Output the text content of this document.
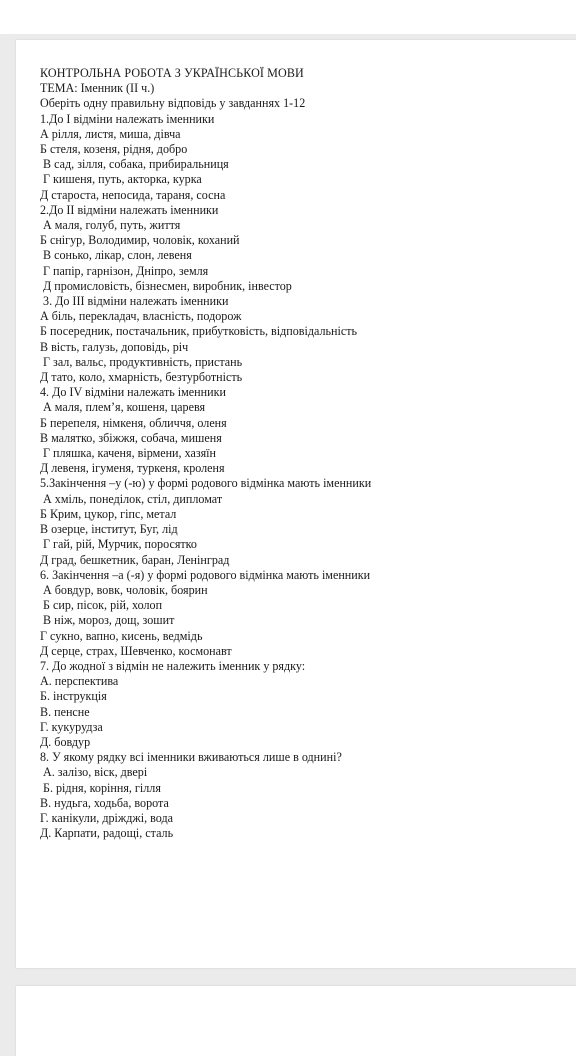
КОНТРОЛЬНА РОБОТА З УКРАЇНСЬКОЇ МОВИ
ТЕМА: Іменник (ІІ ч.)
Оберіть одну правильну відповідь у завданнях 1-12
1.До І відміни належать іменники
А рілля, листя, миша, дівча
Б стеля, козеня, рідня, добро
В сад, зілля, собака, прибиральниця
Г кишеня, путь, акторка, курка
Д староста, непосида, тараня, сосна
2.До ІІ відміни належать іменники
А маля, голуб, путь, життя
Б снігур, Володимир, чоловік, коханий
В сонько, лікар, слон, левеня
Г папір, гарнізон, Дніпро, земля
Д промисловість, бізнесмен, виробник, інвестор
3. До ІІІ відміни належать іменники
А біль, перекладач, власність, подорож
Б посередник, постачальник, прибутковість, відповідальність
В вість, галузь, доповідь, річ
Г зал, вальс, продуктивність, пристань
Д тато, коло, хмарність, безтурботність
4. До IV відміни належать іменники
А маля, плем’я, кошеня, царевя
Б перепеля, німкеня, обличчя, оленя
В малятко, збіжжя, собача, мишеня
Г пляшка, каченя, вірмени, хазяїн
Д левеня, ігуменя, туркеня, кроленя
5.Закінчення –у (-ю) у формі родового відмінка мають іменники
А хміль, понеділок, стіл, дипломат
Б Крим, цукор, гіпс, метал
В озерце, інститут, Буг, лід
Г гай, рій, Мурчик, поросятко
Д град, бешкетник, баран, Ленінград
6. Закінчення –а (-я) у формі родового відмінка мають іменники
А бовдур, вовк, чоловік, боярин
Б сир, пісок, рій, холоп
В ніж, мороз, дощ, зошит
Г сукно, вапно, кисень, ведмідь
Д серце, страх, Шевченко, космонавт
7. До жодної з відмін не належить іменник у рядку:
А. перспектива
Б. інструкція
В. пенсне
Г. кукурудза
Д. бовдур
8. У якому рядку всі іменники вживаються лише в однині?
А. залізо, віск, двері
Б. рідня, коріння, гілля
В. нудьга, ходьба, ворота
Г. канікули, дріжджі, вода
Д. Карпати, радощі, сталь
